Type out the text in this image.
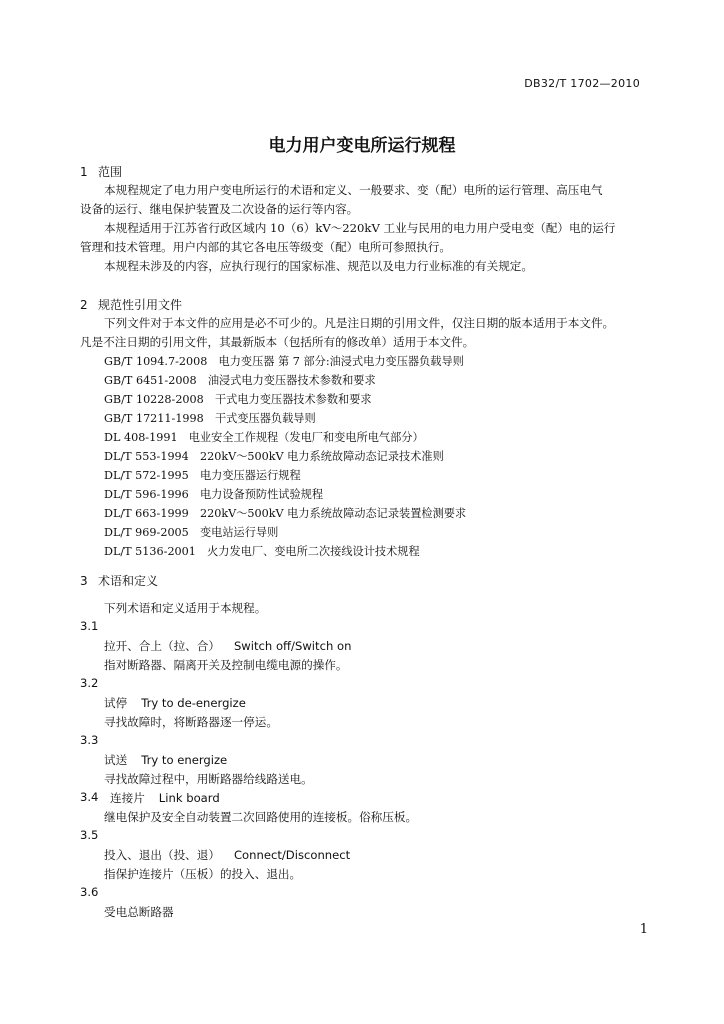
DB32/T 1702—2010
电力用户变电所运行规程
1 范围
本规程规定了电力用户变电所运行的术语和定义、一般要求、变（配）电所的运行管理、高压电气
设备的运行、继电保护装置及二次设备的运行等内容。
本规程适用于江苏省行政区域内 10（6）kV～220kV 工业与民用的电力用户受电变（配）电的运行
管理和技术管理。用户内部的其它各电压等级变（配）电所可参照执行。
本规程未涉及的内容，应执行现行的国家标准、规范以及电力行业标准的有关规定。
2 规范性引用文件
下列文件对于本文件的应用是必不可少的。凡是注日期的引用文件，仅注日期的版本适用于本文件。
凡是不注日期的引用文件，其最新版本（包括所有的修改单）适用于本文件。
GB/T 1094.7-2008　电力变压器 第 7 部分:油浸式电力变压器负载导则
GB/T 6451-2008　油浸式电力变压器技术参数和要求
GB/T 10228-2008　干式电力变压器技术参数和要求
GB/T 17211-1998　干式变压器负载导则
DL 408-1991　电业安全工作规程（发电厂和变电所电气部分）
DL/T 553-1994　220kV～500kV 电力系统故障动态记录技术准则
DL/T 572-1995　电力变压器运行规程
DL/T 596-1996　电力设备预防性试验规程
DL/T 663-1999　220kV～500kV 电力系统故障动态记录装置检测要求
DL/T 969-2005　变电站运行导则
DL/T 5136-2001　火力发电厂、变电所二次接线设计技术规程
3 术语和定义
下列术语和定义适用于本规程。
3.1
拉开、合上（拉、合） Switch off/Switch on
指对断路器、隔离开关及控制电缆电源的操作。
3.2
试停 Try to de-energize
寻找故障时，将断路器逐一停运。
3.3
试送 Try to energize
寻找故障过程中，用断路器给线路送电。
3.4 连接片 Link board
继电保护及安全自动装置二次回路使用的连接板。俗称压板。
3.5
投入、退出（投、退） Connect/Disconnect
指保护连接片（压板）的投入、退出。
3.6
受电总断路器
1
